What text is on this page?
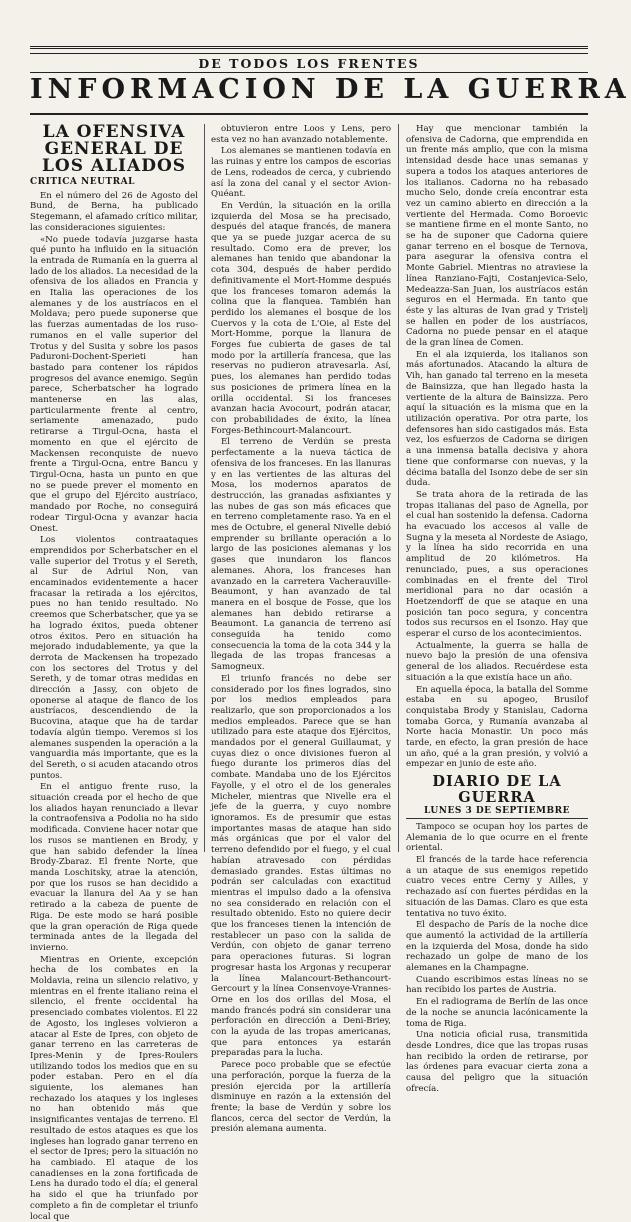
DE TODOS LOS FRENTES
INFORMACION DE LA GUERRA
LA OFENSIVA GENERAL DE LOS ALIADOS
CRITICA NEUTRAL

En el número del 26 de Agosto del Bund, de Berna, ha publicado Stegemann, el afamado crítico militar, las consideraciones siguientes:

«No puede todavía juzgarse hasta qué punto ha influido en la situación la entrada de Rumanía en la guerra al lado de los aliados. La necesidad de la ofensiva de los aliados en Francia y en Italia las operaciones de los alemanes y de los austríacos en el Moldava; pero puede suponerse que las fuerzas aumentadas de los ruso-rumanos en el valle superior del Trotus y del Susita y sobre los pasos Paduroni-Dochent-Sperieti han bastado para contener los rápidos progresos del avance enemigo. Según parece, Scherbatscher ha logrado mantenerse en las alas, particularmente frente al centro, seriamente amenazado, pudo retirarse a Tirgul-Ocna, hasta el momento en que el ejército de Mackensen reconquiste de nuevo frente a Tirgul-Ocna, entre Bancu y Tirgul-Ocna, hasta un punto en que no se puede prever el momento en que el grupo del Ejército austríaco, mandado por Roche, no conseguirá rodear Tirgul-Ocna y avanzar hacia Onest.

Los violentos contraataques emprendidos por Scherbatscher en el valle superior del Trotus y el Sereth, al Sur de Adriul Non, van encaminados evidentemente a hacer fracasar la retirada a los ejércitos, pues no han tenido resultado. No creemos que Scherbatscher, que ya se ha logrado éxitos, pueda obtener otros éxitos. Pero en situación ha mejorado indudablemente, ya que la derrota de Mackensen ha tropezado con los sectores del Trotus y del Sereth, y de tomar otras medidas en dirección a Jassy, con objeto de oponerse al ataque de flanco de los austríacos, descendiendo de la Bucovina, ataque que ha de tardar todavía algún tiempo. Veremos si los alemanes suspenden la operación a la vanguardia más importante, que es la del Sereth, o si acuden atacando otros puntos.

En el antiguo frente ruso, la situación creada por el hecho de que los aliados hayan renunciado a llevar la contraofensiva a Podolia no ha sido modificada. Conviene hacer notar que los rusos se mantienen en Brody, y que han sabido defender la línea Brody-Zbaraz. El frente Norte, que manda Loschitsky, atrae la atención, por que los rusos se han decidido a evacuar la llanura del Aa y se han retirado a la cabeza de puente de Riga. De este modo se hará posible que la gran operación de Riga quede terminada antes de la llegada del invierno.

Mientras en Oriente, excepción hecha de los combates en la Moldavia, reina un silencio relativo, y mientras en el frente italiano reina el silencio, el frente occidental ha presenciado combates violentos. El 22 de Agosto, los ingleses volvieron a atacar al Este de Ipres, con objeto de ganar terreno en las carreteras de Ipres-Menin y de Ipres-Roulers utilizando todos los medios que en su poder estaban. Pero en el día siguiente, los alemanes han rechazado los ataques y los ingleses no han obtenido más que insignificantes ventajas de terreno. El resultado de estos ataques es que los ingleses han logrado ganar terreno en el sector de Ipres; pero la situación no ha cambiado. El ataque de los canadienses en la zona fortificada de Lens ha durado todo el día; el general ha sido el que ha triunfado por completo a fin de completar el triunfo local que

obtuvieron entre Loos y Lens, pero esta vez no han avanzado notablemente.

Los alemanes se mantienen todavía en las ruinas y entre los campos de escorias de Lens, rodeados de cerca, y cubriendo así la zona del canal y el sector Avion-Quéant.

En Verdún, la situación en la orilla izquierda del Mosa se ha precisado, después del ataque francés, de manera que ya se puede juzgar acerca de su resultado. Como era de prever, los alemanes han tenido que abandonar la cota 304, después de haber perdido definitivamente el Mort-Homme después que los franceses tomaron además la colina que la flanquea. También han perdido los alemanes el bosque de los Cuervos y la cota de L'Oie, al Este del Mort-Homme, porque la llanura de Forges fue cubierta de gases de tal modo por la artillería francesa, que las reservas no pudieron atravesarla. Así, pues, los alemanes han perdido todas sus posiciones de primera línea en la orilla occidental. Si los franceses avanzan hacia Avocourt, podrán atacar, con probabilidades de éxito, la línea Forges-Bethincourt-Malancourt.

El terreno de Verdún se presta perfectamente a la nueva táctica de ofensiva de los franceses. En las llanuras y en las vertientes de las alturas del Mosa, los modernos aparatos de destrucción, las granadas asfixiantes y las nubes de gas son más eficaces que en terreno completamente raso. Ya en el mes de Octubre, el general Nivelle debió emprender su brillante operación a lo largo de las posiciones alemanas y los gases que inundaron los flancos alemanes. Ahora, los franceses han avanzado en la carretera Vacherauville-Beaumont, y han avanzado de tal manera en el bosque de Fosse, que los alemanes han debido retirarse a Beaumont. La ganancia de terreno así conseguida ha tenido como consecuencia la toma de la cota 344 y la llegada de las tropas francesas a Samogneux.

El triunfo francés no debe ser considerado por los fines logrados, sino por los medios empleados para realizarlo, que son proporcionados a los medios empleados. Parece que se han utilizado para este ataque dos Ejércitos, mandados por el general Guillaumat, y cuyas diez o once divisiones fueron al fuego durante los primeros días del combate. Mandaba uno de los Ejércitos Fayolle, y el otro el de los generales Micheler, mientras que Nivelle era el jefe de la guerra, y cuyo nombre ignoramos. Es de presumir que estas importantes masas de ataque han sido más orgánicas que por el valor del terreno defendido por el fuego, y el cual habían atravesado con pérdidas demasiado grandes. Estas últimas no podrán ser calculadas con exactitud mientras el impulso dado a la ofensiva no sea considerado en relación con el resultado obtenido. Esto no quiere decir que los franceses tienen la intención de restablecer un paso con la salida de Verdún, con objeto de ganar terreno para operaciones futuras. Si logran progresar hasta los Argonas y recuperar la línea Malancourt-Bethancourt-Gercourt y la línea Consenvoye-Vrannes-Orne en los dos orillas del Mosa, el mando francés podrá sin considerar una perforación en dirección a Deni-Briey, con la ayuda de las tropas americanas, que para entonces ya estarán preparadas para la lucha.

Parece poco probable que se efectúe una perforación, porque la fuerza de la presión ejercida por la artillería disminuye en razón a la extensión del frente; la base de Verdún y sobre los flancos, cerca del sector de Verdún, la presión alemana aumenta.

Hay que mencionar también la ofensiva de Cadorna, que emprendida en un frente más amplio, que con la misma intensidad desde hace unas semanas y supera a todos los ataques anteriores de los italianos. Cadorna no ha rebasado mucho Selo, donde creía encontrar esta vez un camino abierto en dirección a la vertiente del Hermada. Como Boroevic se mantiene firme en el monte Santo, no se ha de suponer que Cadorna quiere ganar terreno en el bosque de Ternova, para asegurar la ofensiva contra el Monte Gabriel. Mientras no atraviese la línea Ranziano-Fajti, Costanjevica-Selo, Medeazza-San Juan, los austríacos están seguros en el Hermada. En tanto que éste y las alturas de Ivan grad y Tristelj se hallen en poder de los austríacos, Cadorna no puede pensar en el ataque de la gran línea de Comen.

En el ala izquierda, los italianos son más afortunados. Atacando la altura de Vih, han ganado tal terreno en la meseta de Bainsizza, que han llegado hasta la vertiente de la altura de Bainsizza. Pero aquí la situación es la misma que en la utilización operativa. Por otra parte, los defensores han sido castigados más. Esta vez, los esfuerzos de Cadorna se dirigen a una inmensa batalla decisiva y ahora tiene que conformarse con nuevas, y la décima batalla del Isonzo debe de ser sin duda.

Se trata ahora de la retirada de las tropas italianas del paso de Agnella, por el cual han sostenido la defensa. Cadorna ha evacuado los accesos al valle de Sugna y la meseta al Nordeste de Asiago, y la línea ha sido recorrida en una amplitud de 20 kilómetros. Ha renunciado, pues, a sus operaciones combinadas en el frente del Tirol meridional para no dar ocasión a Hoetzendorff de que se ataque en una posición tan poco segura, y concentra todos sus recursos en el Isonzo. Hay que esperar el curso de los acontecimientos.

Actualmente, la guerra se halla de nuevo bajo la presión de una ofensiva general de los aliados. Recuérdese esta situación a la que existía hace un año.

En aquella época, la batalla del Somme estaba en su apogeo, Brusilof conquistaba Brody y Stanislau, Cadorna tomaba Gorca, y Rumanía avanzaba al Norte hacia Monastir. Un poco más tarde, en efecto, la gran presión de hace un año, qué a la gran presión, y volvió a empezar en junio de este año.

DIARIO DE LA GUERRA
LUNES 3 DE SEPTIEMBRE

Tampoco se ocupan hoy los partes de Alemania de lo que ocurre en el frente oriental.

El francés de la tarde hace referencia a un ataque de sus enemigos repetido cuatro veces entre Cerny y Ailles, y rechazado así con fuertes pérdidas en la situación de las Damas. Claro es que esta tentativa no tuvo éxito.

El despacho de París de la noche dice que aumentó la actividad de la artillería en la izquierda del Mosa, donde ha sido rechazado un golpe de mano de los alemanes en la Champagne.

Cuando escribimos estas líneas no se han recibido los partes de Austria.

En el radiograma de Berlín de las once de la noche se anuncia lacónicamente la toma de Riga.

Una noticia oficial rusa, transmitida desde Londres, dice que las tropas rusas han recibido la orden de retirarse, por las órdenes para evacuar cierta zona a causa del peligro que la situación ofrecía.
